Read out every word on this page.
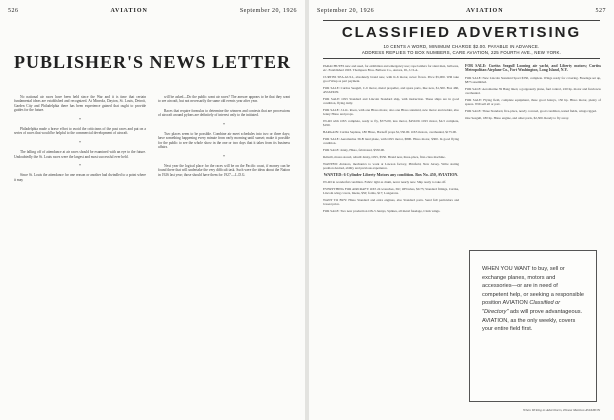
526	AVIATION	September 20, 1926
PUBLISHER'S NEWS LETTER

No national air races have been held since the War and it is time that certain fundamental ideas are established and recognized. At Mineola, Dayton, St. Louis, Detroit, Garden City and Philadelphia there has been experience gained that ought to provide guides for the future.

*

Philadelphia made a brave effort to avoid the criticisms of the past races and put on a series of races that would be helpful to the commercial development of aircraft.

*

The falling off of attendance at air races should be examined with an eye to the future. Undoubtedly the St. Louis races were the largest and most successful ever held.

*

Since St. Louis the attendance for one reason or another had dwindled to a point where it may

will be asked—Do the public want air races? The answer appears to be that they want to see aircraft, but not necessarily the same old events year after year.

Races that require formulas to determine the winners and contests that are processions of aircraft around pylons are definitely of interest only to the initiated.

*

Two places seem to be possible. Combine air meet schedules into two or three days; have something happening every minute from early morning until sunset; make it possible for the public to see the whole show in the one or two days that it takes from its business affairs.

*

Next year the logical place for the races will be on the Pacific coast, if money can be found there that will undertake the very difficult task. Such were the ideas about the Nation in 1926 last year; those should have them for 1927.—L.D.G.

September 20, 1926	AVIATION	527
CLASSIFIED ADVERTISING
10 CENTS A WORD, MINIMUM CHARGE $2.00. PAYABLE IN ADVANCE.
ADDRESS REPLIES TO BOX NUMBERS, CARE AVIATION, 225 FOURTH AVE., NEW YORK.
PARACHUTES new and used, for exhibition and emergency use; rope ladders for stunt men, balloons, etc. Established 1903. Thompson Bros. Balloon Co., Aurora, Ill., U.S.A.
CURTISS SEA-GULL, absolutely brand new, with K-6 motor, never flown. Price $5,000. Will take good Wasp as part payment.
FOR SALE: Curtiss Seagull, C-6 motor, metal propeller, and spare parts, like new, $1,500. Box 460, AVIATION.
FOR SALE: OX5 Standard and Lincoln Standard ship, with instruction. These ships are in good condition, flying daily.
FOR SALE: J.L.K. Roon, with one Hisso motor, also one Hisso standard, new motor and rudder, also Jenny Hisso and props.
JN-4D with OX5 complete, ready to fly, $575.00, less motor, $450.00. OX5 motor, $4.3 complete, $190.
BARGAIN: Curtiss Seplane, 180 Hisso, Barnoff props $1,550.00. OX5 motors, overhauled, $175.00.
FOR SALE: Aeromarine 39-B land plane, with OX5 motor, $800. Hisso motor, $300. In good flying condition.
FOR SALE: Jenny, Hisso, fabricated, $550.00.
Rebuilt, motor-stored, rebuilt Jenny, OX5, $550. Brand new, three-place, first-class machine.
WANTED: Aviators, mechanics to work at Lawson factory, Pittsfield, New Jersey. Write stating position desired, ability and previous experience.
WANTED: 6 Cylinder Liberty Motors any condition. Box No. 450, AVIATION.
JN-4D in wonderful condition. Fabric tight as drum, never nearly new. Ship ready to take off.
EVERYTHING FOR AIRCRAFT: OX5 24 wrenches, 30c; OH tubes, $0.75; Standard fittings, Curtiss, Lincoln wing covers, linens, $50; forms, $17; Longerons.
WANT TO BUY: Hisso Standard and extra engines, also Standard parts. Send full particulars and lowest price.
FOR SALE: Two new production OX-5 Jennys, Splines, all metal fuselage, Clark wings.
FOR SALE: Curtiss Seagull Looning air yacht, and Liberty motors; Curtiss Metropolitan Airplane Co., Fort Washington, Long Island, N.Y.
FOR SALE: New Lincoln Standard Sport $350, complete. Wings ready for covering. Fuselage set up, $875 assembled.
FOR SALE: Aeromarine 39 Bang lined, a gorgeously plane, fuel control, 220 hp. motor and fresh new overhauled.
FOR SALE: Flying field, complete equipment, three good Jennys, 150 hp. Hisso motor, plenty of spares. Will sell all or part.
FOR SALE: Three Standard, five-place, newly covered, good condition, tested fields, wings rigged.
One Seagull, 180 hp. Hisso engine, and other parts, $2,300. Ready to fly away.
WHEN YOU WANT to buy, sell or exchange planes, motors and accessories—or are in need of competent help, or seeking a responsible position AVIATION Classified or "Directory" ads will prove advantageous. AVIATION, as the only weekly, covers your entire field first.
When Writing to Advertisers, Please Mention AVIATION
